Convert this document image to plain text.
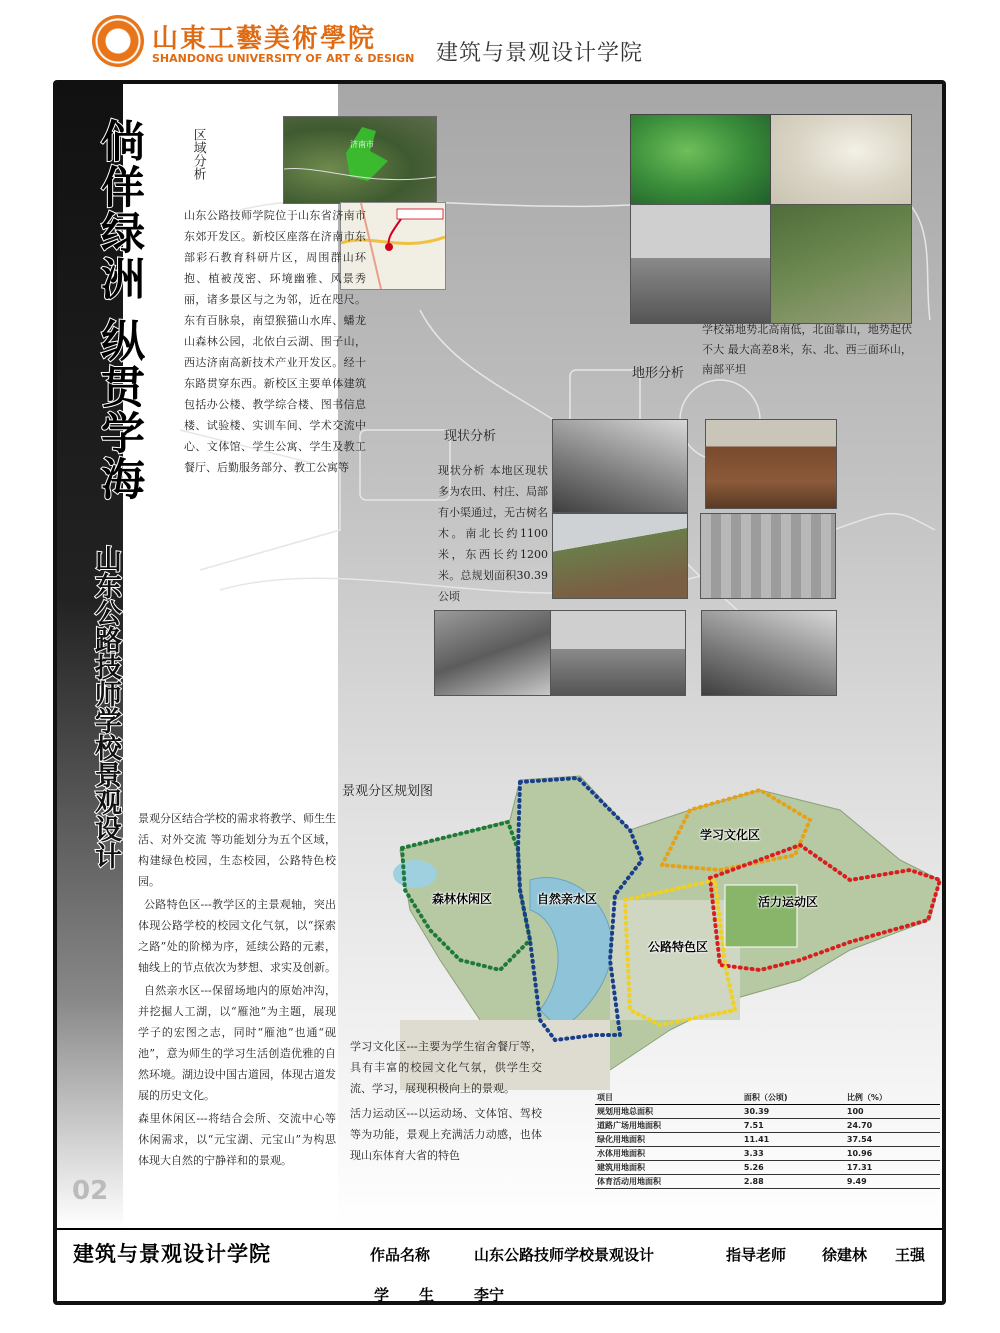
山東工藝美術學院
SHANDONG UNIVERSITY OF ART & DESIGN 建筑与景观设计学院
倘佯绿洲
纵贯学海
山东公路技师学校景观设计
02
区域分析	济南市
山东公路技师学院位于山东省济南市东郊开发区。新校区座落在济南市东部彩石教育科研片区，周围群山环抱、植被茂密、环境幽雅、风景秀丽，诸多景区与之为邻，近在咫尺。东有百脉泉，南望猴猫山水库、蟠龙山森林公园，北依白云湖、围子山，西达济南高新技术产业开发区。经十东路贯穿东西。新校区主要单体建筑包括办公楼、教学综合楼、图书信息楼、试验楼、实训车间、学术交流中心、文体馆、学生公寓、学生及教工餐厅、后勤服务部分、教工公寓等
学校第地势北高南低，北面靠山，地势起伏不大 最大高差8米，东、北、西三面环山，南部平坦
地形分析
现状分析
现状分析 本地区现状多为农田、村庄、局部有小渠通过，无古树名木。南北长约1100米，东西长约1200米。总规划面积30.39公顷
景观分区规划图
森林休闲区	自然亲水区
学习文化区
活力运动区
公路特色区

景观分区结合学校的需求将教学、师生生活、对外交流 等功能划分为五个区域，构建绿色校园，生态校园，公路特色校园。

公路特色区---教学区的主景观轴，突出体现公路学校的校园文化气氛，以“探索之路”处的阶梯为序，延续公路的元素，轴线上的节点依次为梦想、求实及创新。

自然亲水区---保留场地内的原始冲沟，并挖掘人工湖，以“雁池”为主题，展现学子的宏图之志，同时“雁池”也通“砚池”，意为师生的学习生活创造优雅的自然环境。湖边设中国古道园，体现古道发展的历史文化。

森里休闲区---将结合会所、交流中心等休闲需求，以“元宝湖、元宝山”为构思体现大自然的宁静祥和的景观。

学习文化区---主要为学生宿舍餐厅等，具有丰富的校园文化气氛，供学生交流、学习，展现积极向上的景观。

活力运动区---以运动场、文体馆、驾校等为功能，景观上充满活力动感，也体现山东体育大省的特色

项目	面积（公顷)	比例（%）
规划用地总面积	30.39	100
道路广场用地面积	7.51	24.70
绿化用地面积	11.41	37.54
水体用地面积	3.33	10.96
建筑用地面积	5.26	17.31
体育活动用地面积	2.88	9.49
建筑与景观设计学院	作品名称	山东公路技师学校景观设计	指导老师 徐建林 王强
学　　生	李宁
